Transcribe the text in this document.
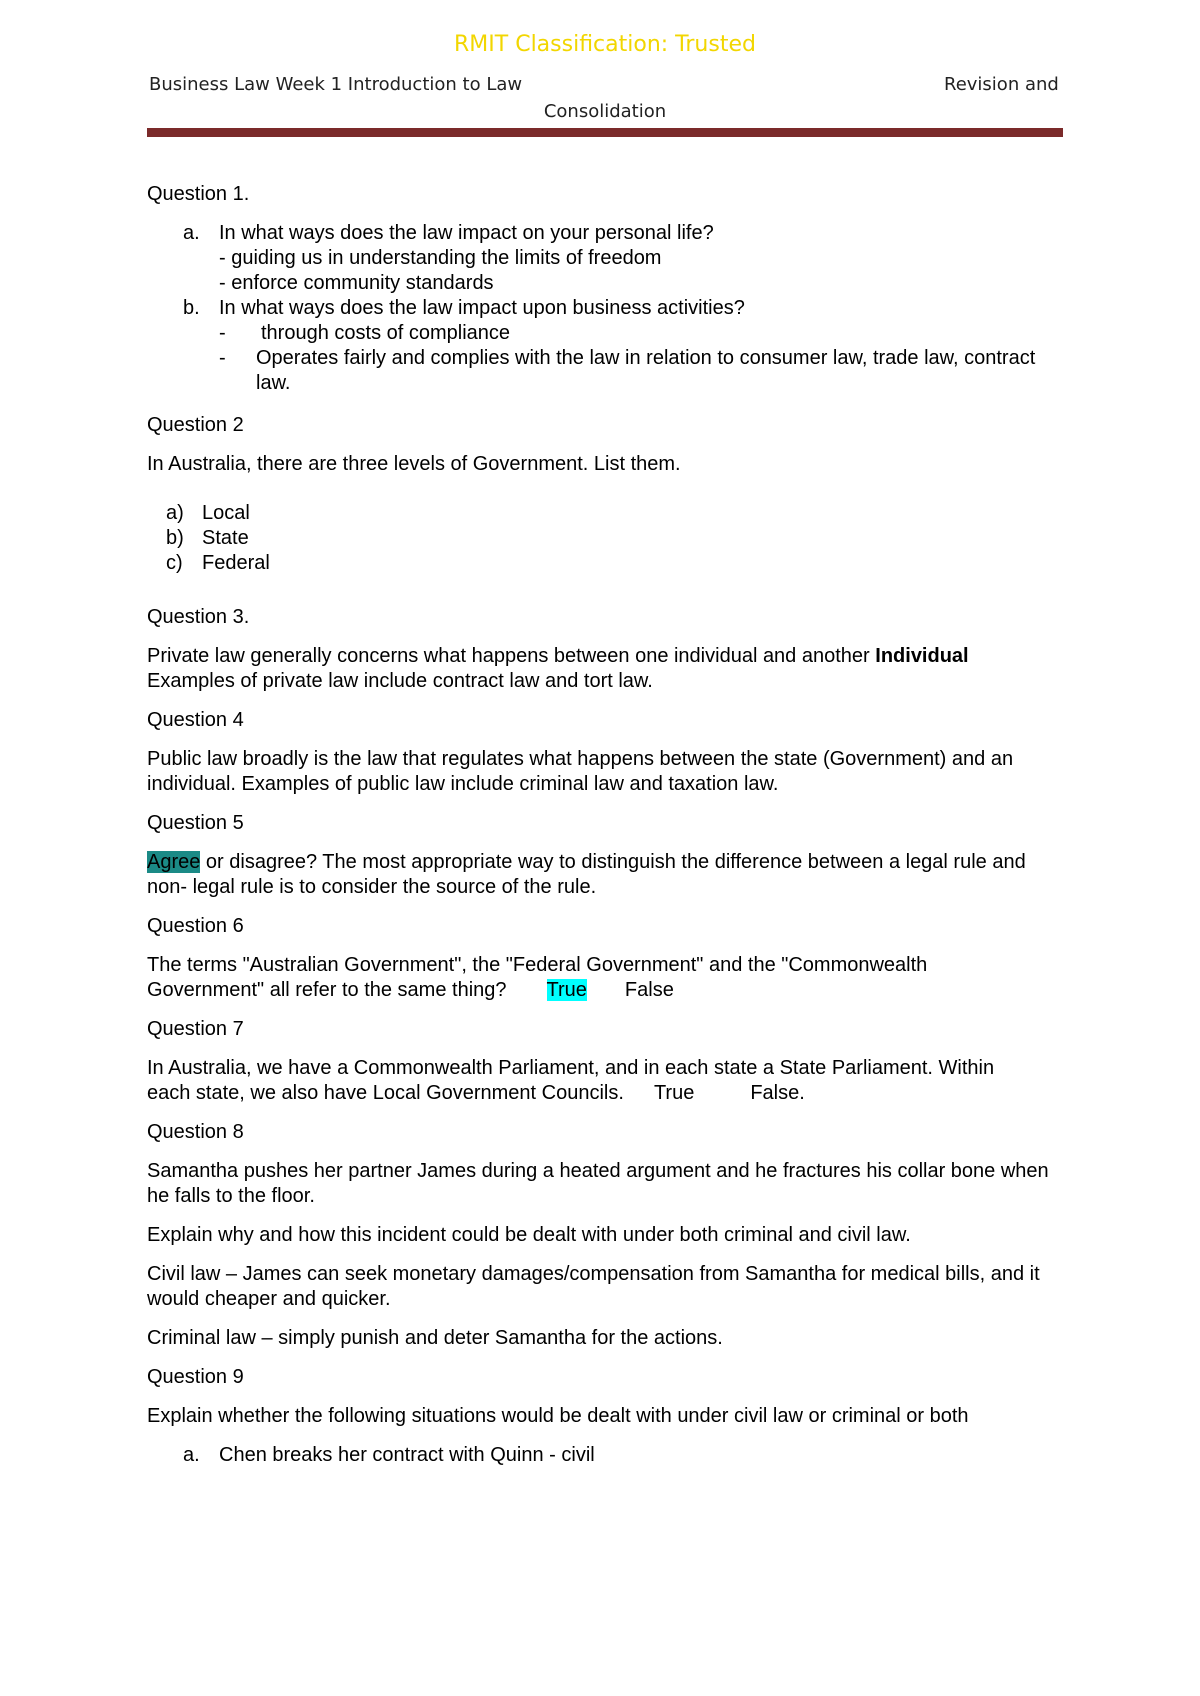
RMIT Classification: Trusted
Business Law Week 1 Introduction to Law	Revision and
Consolidation

Question 1.

a. In what ways does the law impact on your personal life?
- guiding us in understanding the limits of freedom
- enforce community standards
b. In what ways does the law impact upon business activities?
- through costs of compliance
- Operates fairly and complies with the law in relation to consumer law, trade law, contract law.

Question 2

In Australia, there are three levels of Government. List them.

a) Local
b) State
c) Federal

Question 3.

Private law generally concerns what happens between one individual and another Individual

Examples of private law include contract law and tort law.

Question 4

Public law broadly is the law that regulates what happens between the state (Government) and an individual. Examples of public law include criminal law and taxation law.

Question 5

Agree or disagree? The most appropriate way to distinguish the difference between a legal rule and non- legal rule is to consider the source of the rule.

Question 6

The terms "Australian Government", the "Federal Government" and the "Commonwealth

Government" all refer to the same thing? True False

Question 7

In Australia, we have a Commonwealth Parliament, and in each state a State Parliament. Within

each state, we also have Local Government Councils. True	False.

Question 8

Samantha pushes her partner James during a heated argument and he fractures his collar bone when he falls to the floor.

Explain why and how this incident could be dealt with under both criminal and civil law.

Civil law – James can seek monetary damages/compensation from Samantha for medical bills, and it would cheaper and quicker.

Criminal law – simply punish and deter Samantha for the actions.

Question 9

Explain whether the following situations would be dealt with under civil law or criminal or both

a. Chen breaks her contract with Quinn - civil
